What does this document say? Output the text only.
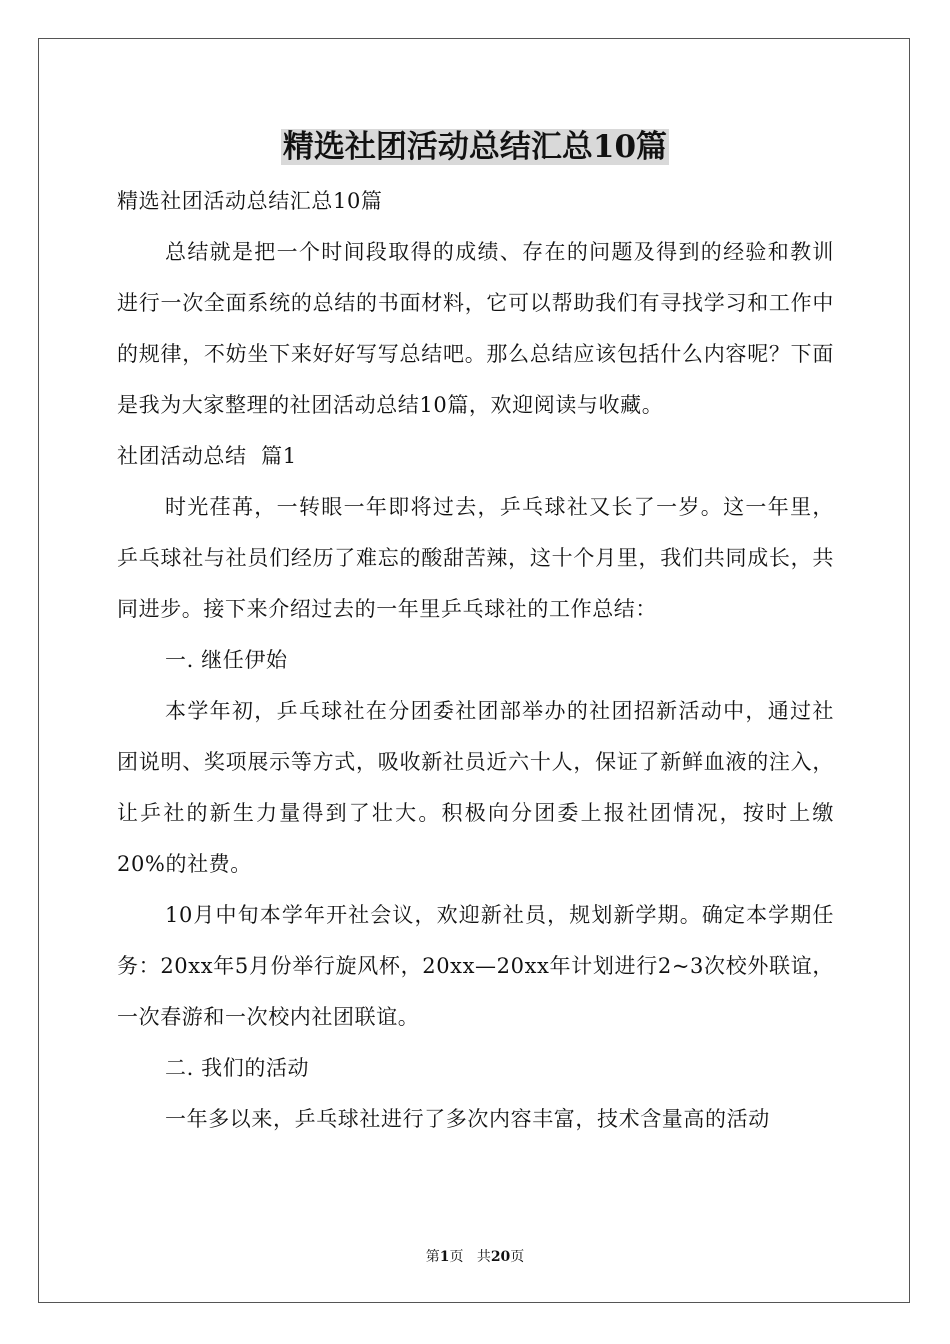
精选社团活动总结汇总10篇

精选社团活动总结汇总10篇

总结就是把一个时间段取得的成绩、存在的问题及得到的经验和教训进行一次全面系统的总结的书面材料，它可以帮助我们有寻找学习和工作中的规律，不妨坐下来好好写写总结吧。那么总结应该包括什么内容呢？下面是我为大家整理的社团活动总结10篇，欢迎阅读与收藏。

社团活动总结  篇1

时光荏苒，一转眼一年即将过去，乒乓球社又长了一岁。这一年里，乒乓球社与社员们经历了难忘的酸甜苦辣，这十个月里，我们共同成长，共同进步。接下来介绍过去的一年里乒乓球社的工作总结：

一. 继任伊始

本学年初，乒乓球社在分团委社团部举办的社团招新活动中，通过社团说明、奖项展示等方式，吸收新社员近六十人，保证了新鲜血液的注入，让乒社的新生力量得到了壮大。积极向分团委上报社团情况，按时上缴20%的社费。

10月中旬本学年开社会议，欢迎新社员，规划新学期。确定本学期任务：20xx年5月份举行旋风杯，20xx—20xx年计划进行2~3次校外联谊，一次春游和一次校内社团联谊。

二. 我们的活动

一年多以来，乒乓球社进行了多次内容丰富，技术含量高的活动

第1页 共20页
